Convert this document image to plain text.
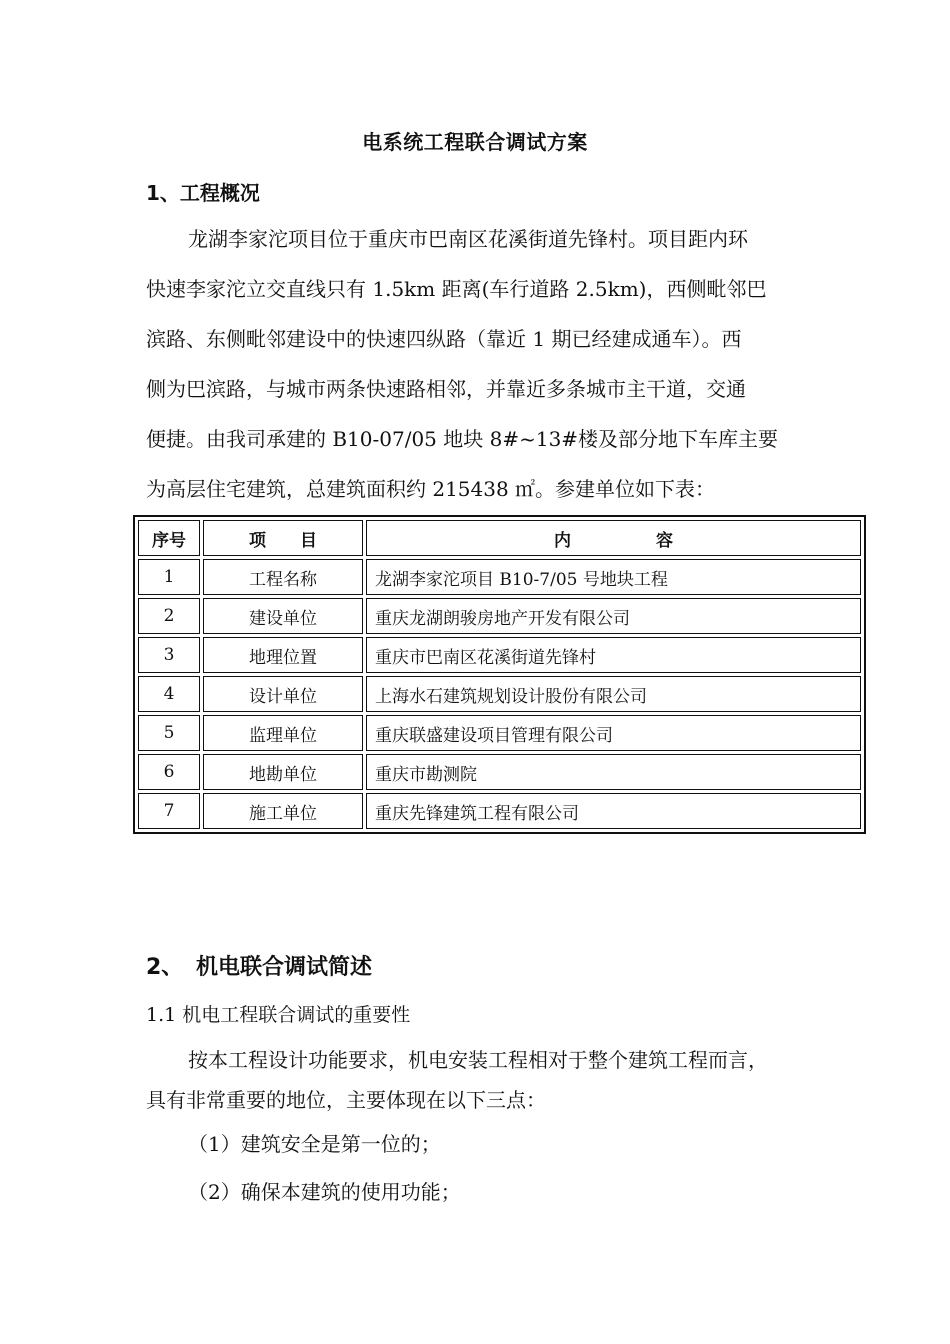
电系统工程联合调试方案
1、工程概况
龙湖李家沱项目位于重庆市巴南区花溪街道先锋村。项目距内环
快速李家沱立交直线只有 1.5km 距离(车行道路 2.5km)，西侧毗邻巴
滨路、东侧毗邻建设中的快速四纵路（靠近 1 期已经建成通车）。西
侧为巴滨路，与城市两条快速路相邻，并靠近多条城市主干道，交通
便捷。由我司承建的 B10-07/05 地块 8#~13#楼及部分地下车库主要
为高层住宅建筑，总建筑面积约 215438 ㎡。参建单位如下表：
序号	项　　目	内　　　　　容
1	工程名称	龙湖李家沱项目 B10-7/05 号地块工程
2	建设单位	重庆龙湖朗骏房地产开发有限公司
3	地理位置	重庆市巴南区花溪街道先锋村
4	设计单位	上海水石建筑规划设计股份有限公司
5	监理单位	重庆联盛建设项目管理有限公司
6	地勘单位	重庆市勘测院
7	施工单位	重庆先锋建筑工程有限公司
2、 机电联合调试简述
1.1 机电工程联合调试的重要性
按本工程设计功能要求，机电安装工程相对于整个建筑工程而言，
具有非常重要的地位，主要体现在以下三点：
（1）建筑安全是第一位的；
（2）确保本建筑的使用功能；
